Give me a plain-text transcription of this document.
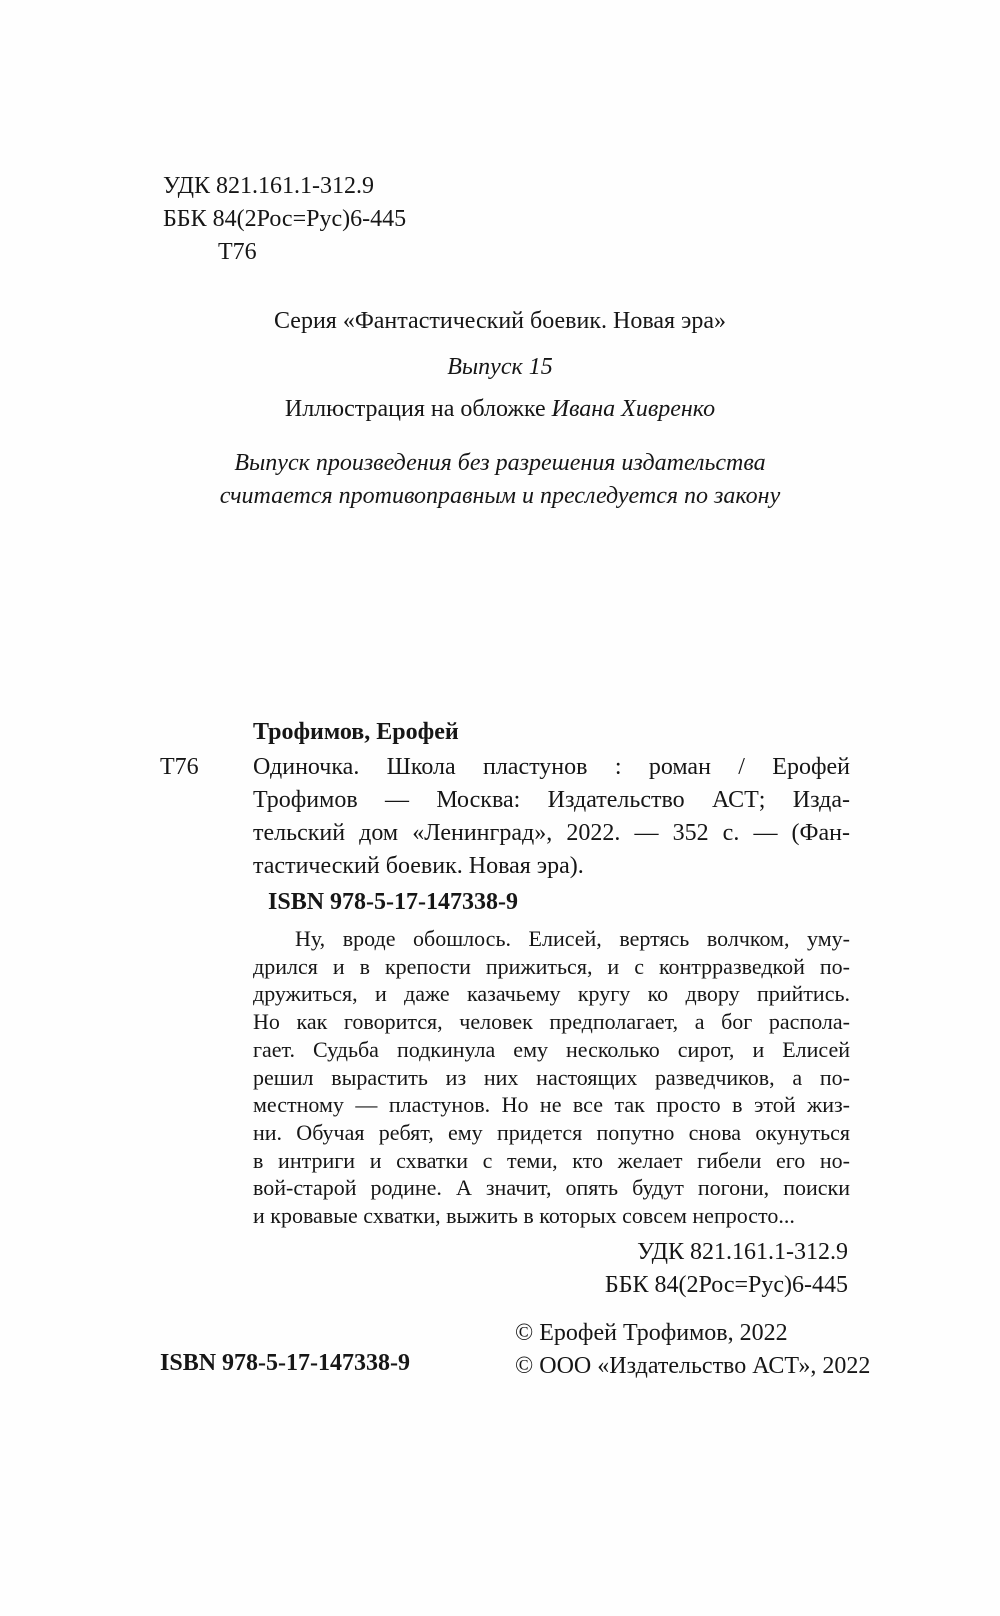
УДК 821.161.1-312.9
ББК 84(2Рос=Рус)6-445
Т76
Серия «Фантастический боевик. Новая эра»
Выпуск 15
Иллюстрация на обложке Ивана Хивренко
Выпуск произведения без разрешения издательства
считается противоправным и преследуется по закону
Трофимов, Ерофей
Т76 Одиночка. Школа пластунов : роман / Ерофей
Трофимов — Москва: Издательство АСТ; Изда-
тельский дом «Ленинград», 2022. — 352 с. — (Фан-
тастический боевик. Новая эра).
ISBN 978-5-17-147338-9
Ну, вроде обошлось. Елисей, вертясь волчком, уму-
дрился и в крепости прижиться, и с контрразведкой по-
дружиться, и даже казачьему кругу ко двору прийтись.
Но как говорится, человек предполагает, а бог распола-
гает. Судьба подкинула ему несколько сирот, и Елисей
решил вырастить из них настоящих разведчиков, а по-
местному — пластунов. Но не все так просто в этой жиз-
ни. Обучая ребят, ему придется попутно снова окунуться
в интриги и схватки с теми, кто желает гибели его но-
вой-старой родине. А значит, опять будут погони, поиски
и кровавые схватки, выжить в которых совсем непросто...
УДК 821.161.1-312.9
ББК 84(2Рос=Рус)6-445
© Ерофей Трофимов, 2022
© ООО «Издательство АСТ», 2022
ISBN 978-5-17-147338-9
